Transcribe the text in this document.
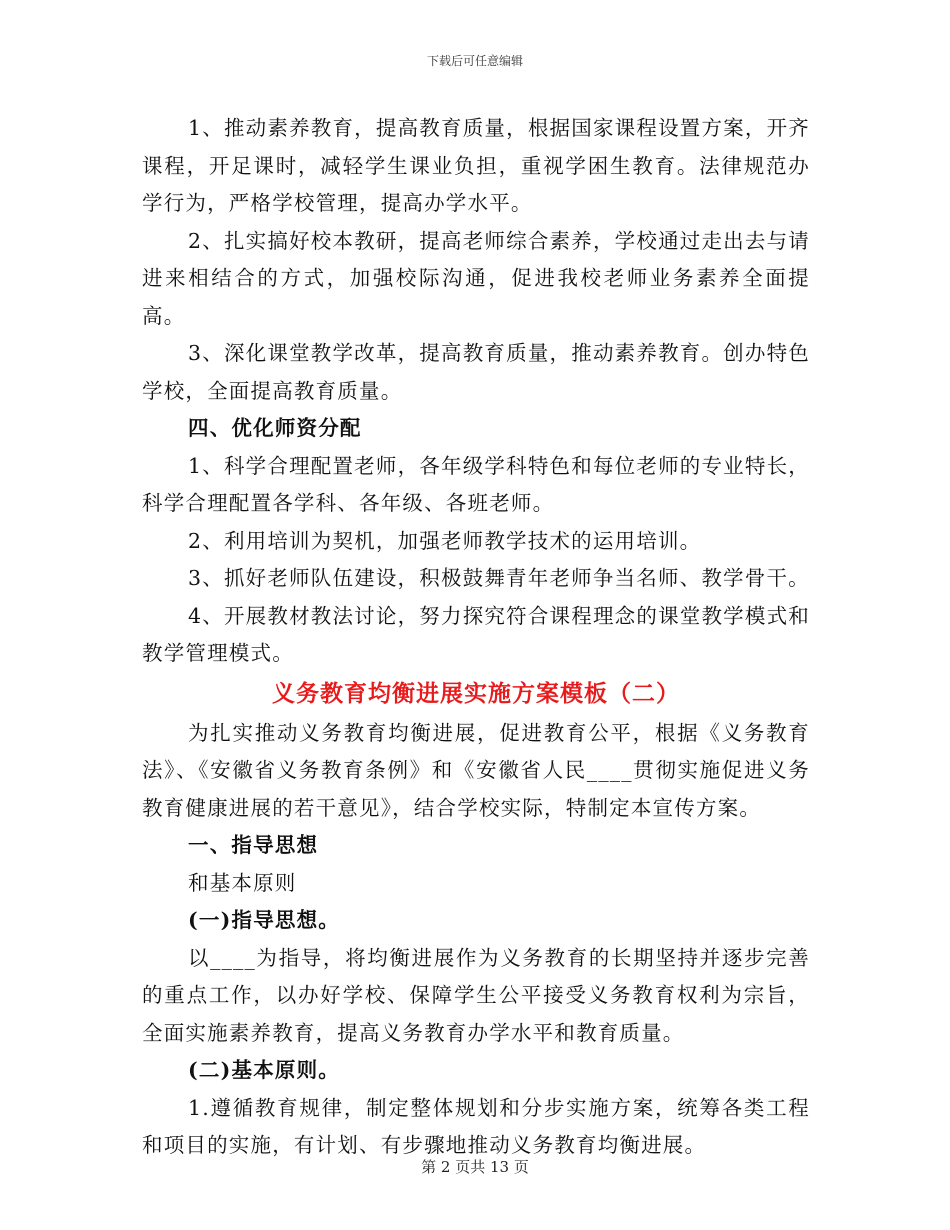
下载后可任意编辑

1、推动素养教育，提高教育质量，根据国家课程设置方案，开齐课程，开足课时，减轻学生课业负担，重视学困生教育。法律规范办学行为，严格学校管理，提高办学水平。

2、扎实搞好校本教研，提高老师综合素养，学校通过走出去与请进来相结合的方式，加强校际沟通，促进我校老师业务素养全面提高。

3、深化课堂教学改革，提高教育质量，推动素养教育。创办特色学校，全面提高教育质量。

四、优化师资分配

1、科学合理配置老师，各年级学科特色和每位老师的专业特长，科学合理配置各学科、各年级、各班老师。

2、利用培训为契机，加强老师教学技术的运用培训。

3、抓好老师队伍建设，积极鼓舞青年老师争当名师、教学骨干。

4、开展教材教法讨论，努力探究符合课程理念的课堂教学模式和教学管理模式。

义务教育均衡进展实施方案模板（二）

为扎实推动义务教育均衡进展，促进教育公平，根据《义务教育法》、《安徽省义务教育条例》和《安徽省人民____贯彻实施促进义务教育健康进展的若干意见》，结合学校实际，特制定本宣传方案。

一、指导思想

和基本原则

(一)指导思想。

以____为指导，将均衡进展作为义务教育的长期坚持并逐步完善的重点工作，以办好学校、保障学生公平接受义务教育权利为宗旨，全面实施素养教育，提高义务教育办学水平和教育质量。

(二)基本原则。

1.遵循教育规律，制定整体规划和分步实施方案，统筹各类工程和项目的实施，有计划、有步骤地推动义务教育均衡进展。

第 2 页共 13 页
